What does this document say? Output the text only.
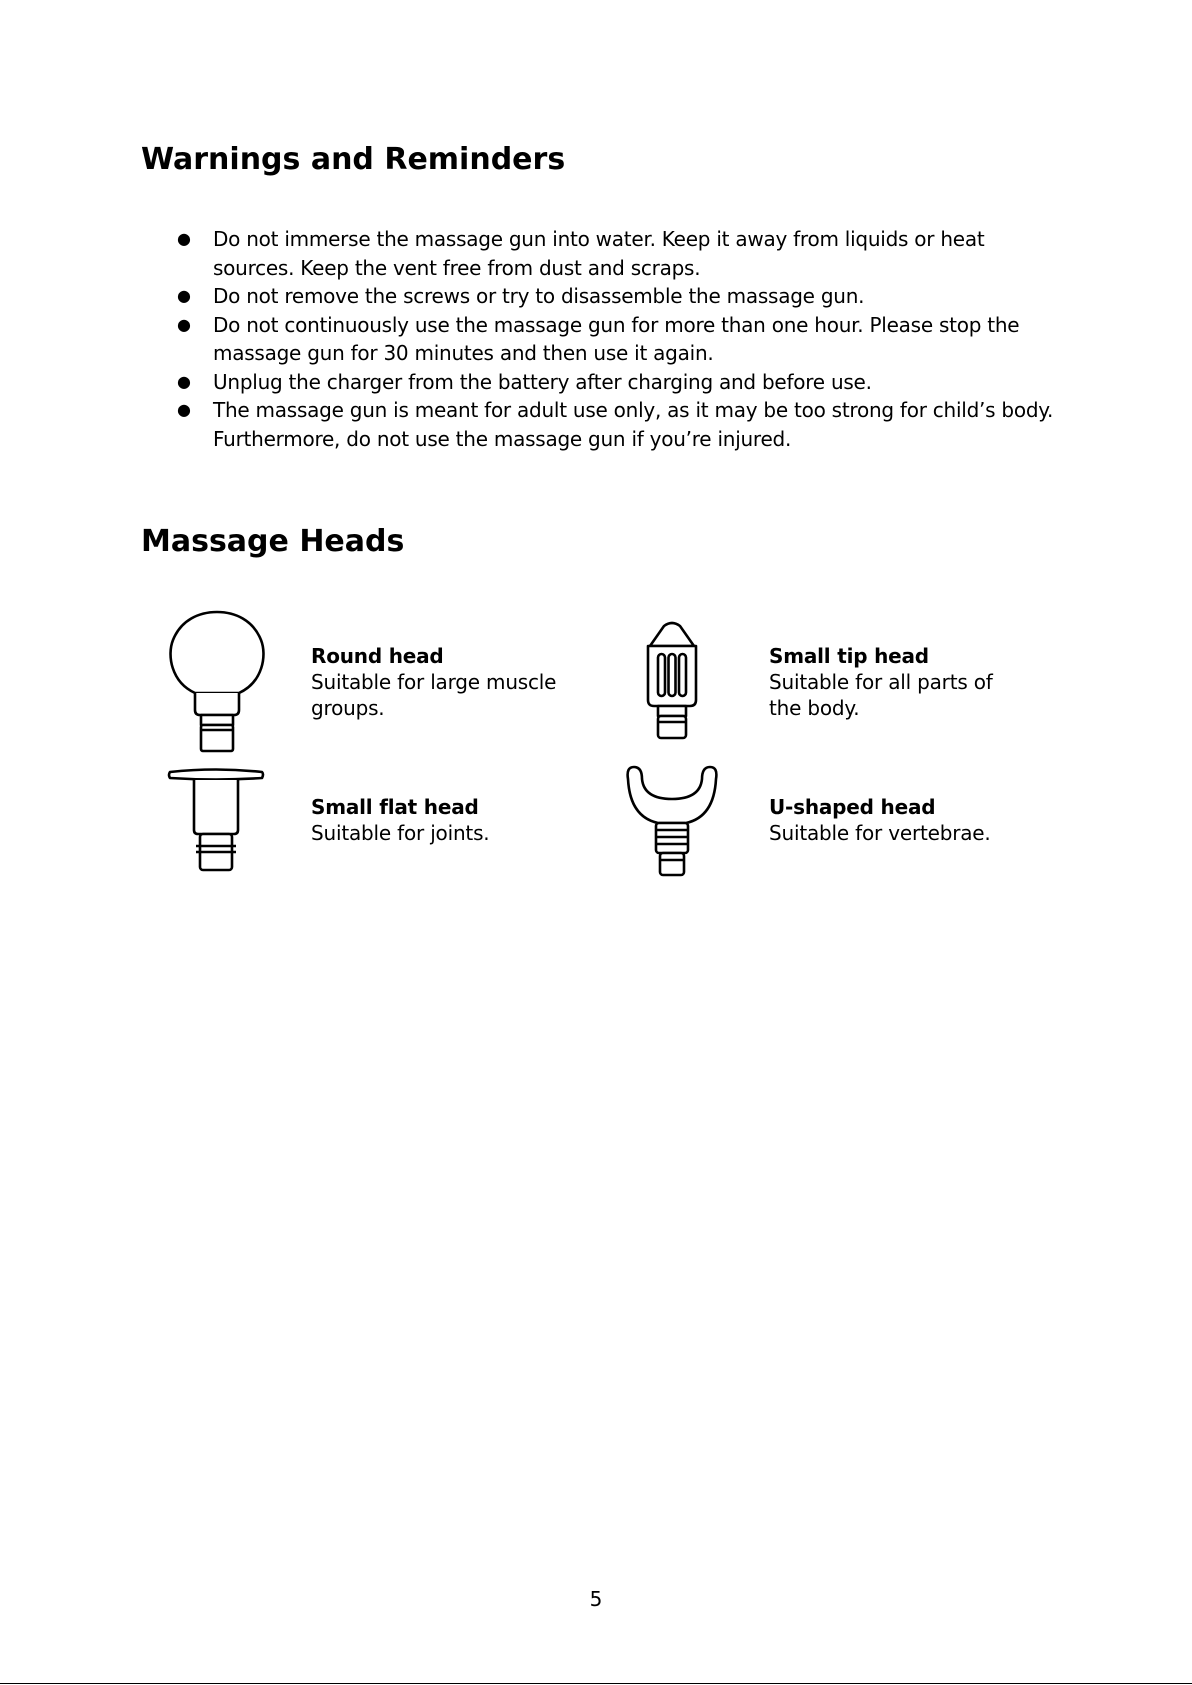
Warnings and Reminders
● Do not immerse the massage gun into water. Keep it away from liquids or heat sources. Keep the vent free from dust and scraps.
● Do not remove the screws or try to disassemble the massage gun.
● Do not continuously use the massage gun for more than one hour. Please stop the massage gun for 30 minutes and then use it again.
● Unplug the charger from the battery after charging and before use.
● The massage gun is meant for adult use only, as it may be too strong for child’s body. Furthermore, do not use the massage gun if you’re injured.
Massage Heads
Round head
Suitable for large muscle groups.
Small tip head
Suitable for all parts of the body.
Small flat head
Suitable for joints.
U-shaped head
Suitable for vertebrae.
5
